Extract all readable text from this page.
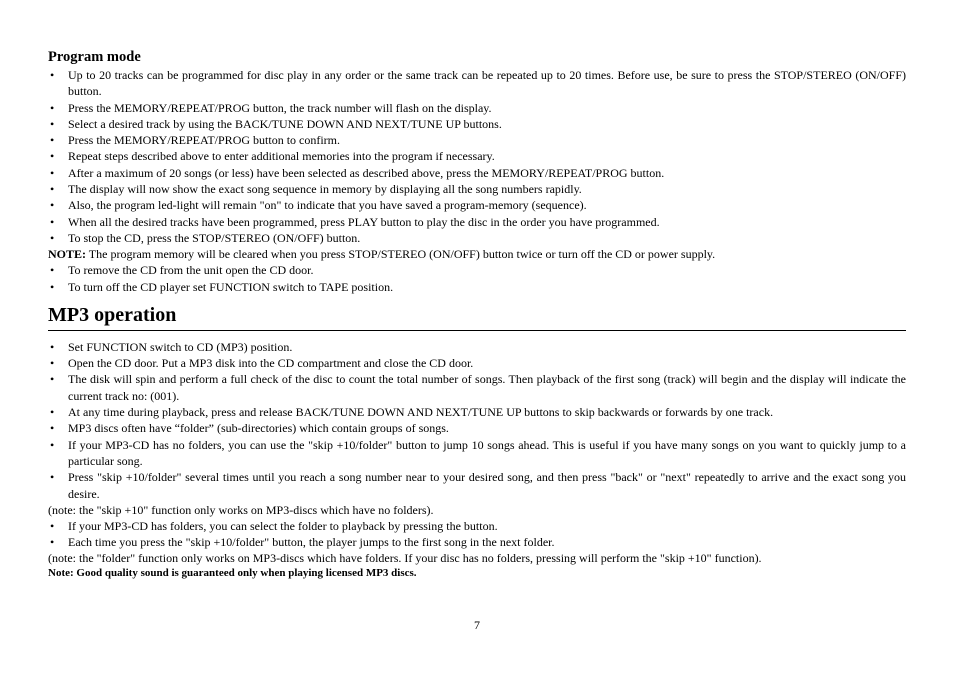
Program mode
• Up to 20 tracks can be programmed for disc play in any order or the same track can be repeated up to 20 times. Before use, be sure to press the STOP/STEREO (ON/OFF) button.
• Press the MEMORY/REPEAT/PROG button, the track number will flash on the display.
• Select a desired track by using the BACK/TUNE DOWN AND NEXT/TUNE UP buttons.
• Press the MEMORY/REPEAT/PROG button to confirm.
• Repeat steps described above to enter additional memories into the program if necessary.
• After a maximum of 20 songs (or less) have been selected as described above, press the MEMORY/REPEAT/PROG button.
• The display will now show the exact song sequence in memory by displaying all the song numbers rapidly.
• Also, the program led-light will remain "on" to indicate that you have saved a program-memory (sequence).
• When all the desired tracks have been programmed, press PLAY button to play the disc in the order you have programmed.
• To stop the CD, press the STOP/STEREO (ON/OFF) button.

NOTE: The program memory will be cleared when you press STOP/STEREO (ON/OFF) button twice or turn off the CD or power supply.

• To remove the CD from the unit open the CD door.
• To turn off the CD player set FUNCTION switch to TAPE position.
MP3 operation
• Set FUNCTION switch to CD (MP3) position.
• Open the CD door. Put a MP3 disk into the CD compartment and close the CD door.
• The disk will spin and perform a full check of the disc to count the total number of songs. Then playback of the first song (track) will begin and the display will indicate the current track no: (001).
• At any time during playback, press and release BACK/TUNE DOWN AND NEXT/TUNE UP buttons to skip backwards or forwards by one track.
• MP3 discs often have “folder” (sub-directories) which contain groups of songs.
• If your MP3-CD has no folders, you can use the "skip +10/folder" button to jump 10 songs ahead. This is useful if you have many songs on you want to quickly jump to a particular song.
• Press "skip +10/folder" several times until you reach a song number near to your desired song, and then press "back" or "next" repeatedly to arrive and the exact song you desire.

(note: the "skip +10" function only works on MP3-discs which have no folders).

• If your MP3-CD has folders, you can select the folder to playback by pressing the button.
• Each time you press the "skip +10/folder" button, the player jumps to the first song in the next folder.

(note: the "folder" function only works on MP3-discs which have folders. If your disc has no folders, pressing will perform the "skip +10" function).

Note: Good quality sound is guaranteed only when playing licensed MP3 discs.

7
